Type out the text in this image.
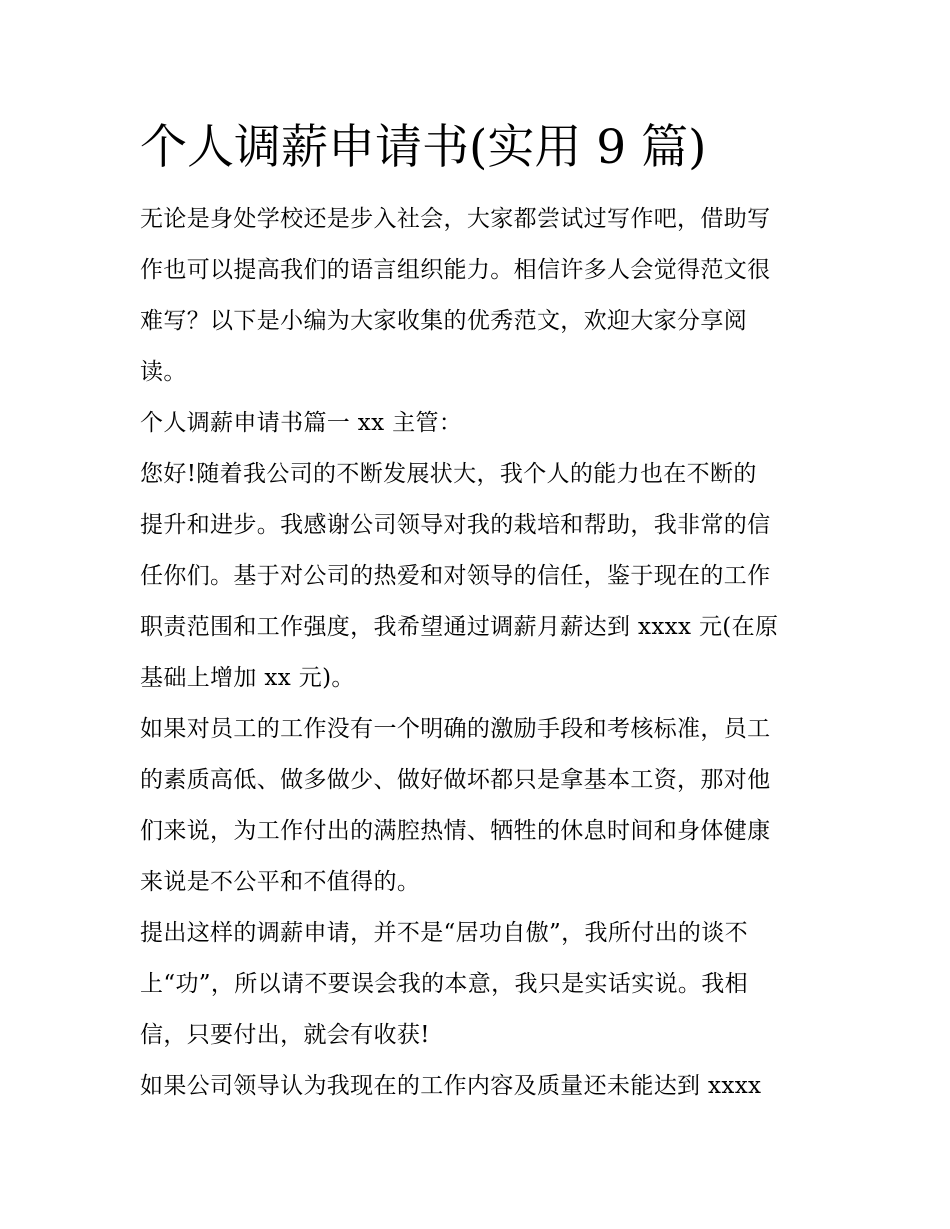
个人调薪申请书(实用 9 篇)
无论是身处学校还是步入社会，大家都尝试过写作吧，借助写
作也可以提高我们的语言组织能力。相信许多人会觉得范文很
难写？以下是小编为大家收集的优秀范文，欢迎大家分享阅
读。
个人调薪申请书篇一 xx 主管：
您好!随着我公司的不断发展状大，我个人的能力也在不断的
提升和进步。我感谢公司领导对我的栽培和帮助，我非常的信
任你们。基于对公司的热爱和对领导的信任，鉴于现在的工作
职责范围和工作强度，我希望通过调薪月薪达到 xxxx 元(在原
基础上增加 xx 元)。
如果对员工的工作没有一个明确的激励手段和考核标准，员工
的素质高低、做多做少、做好做坏都只是拿基本工资，那对他
们来说，为工作付出的满腔热情、牺牲的休息时间和身体健康
来说是不公平和不值得的。
提出这样的调薪申请，并不是“居功自傲”，我所付出的谈不
上“功”，所以请不要误会我的本意，我只是实话实说。我相
信，只要付出，就会有收获!
如果公司领导认为我现在的工作内容及质量还未能达到 xxxx
